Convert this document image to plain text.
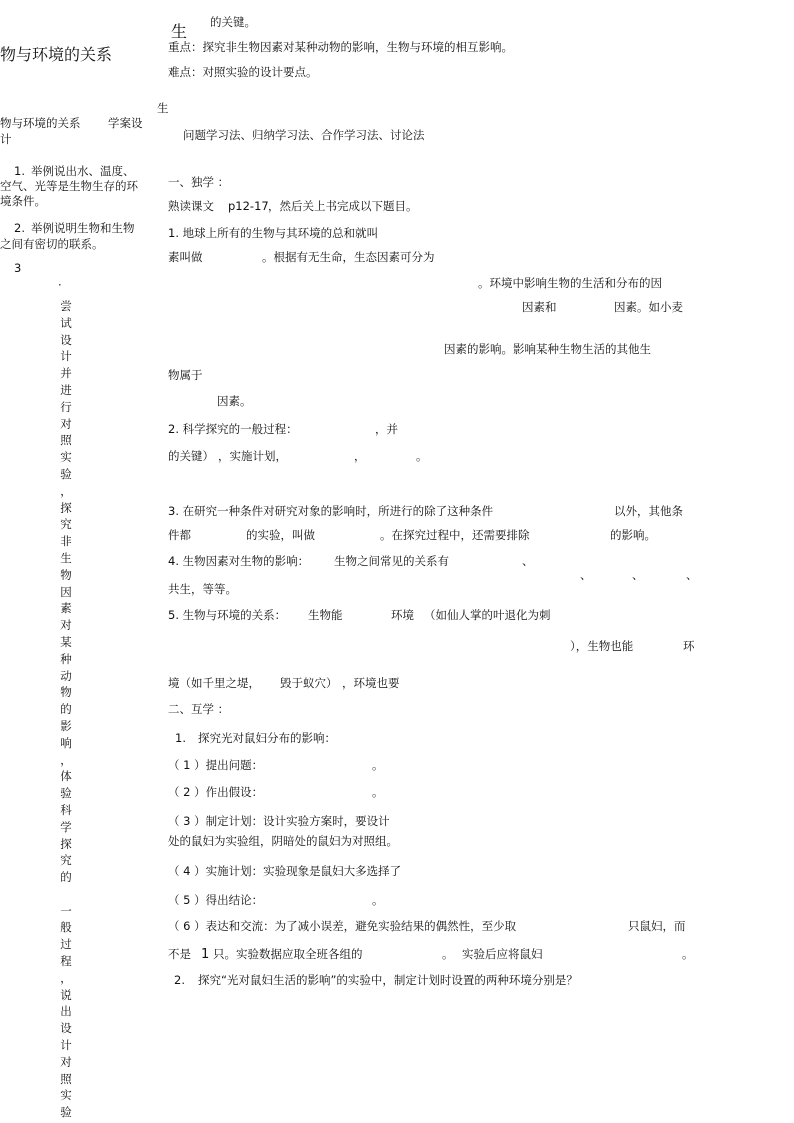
物与环境的关系
物与环境的关系 学案设
计
1. 举例说出水、温度、
空气、光等是生物生存的环
境条件。
2. 举例说明生物和生物
之间有密切的联系。
3
·
尝
试
设
计
并
进
行
对
照
实
验
，
探
究
非
生
物
因
素
对
某
种
动
物
的
影
响
，
体
验
科
学
探
究
的
一
般
过
程
，
说
出
设
计
对
照
实
验
生 的关键。
重点：探究非生物因素对某种动物的影响，生物与环境的相互影响。
难点：对照实验的设计要点。
生
问题学习法、归纳学习法、合作学习法、讨论法
一、独学 ：
熟读课文 p12-17 ，然后关上书完成以下题目。
1. 地球上所有的生物与其环境的总和就叫
素叫做	。根据有无生命，生态因素可分为
。环境中影响生物的生活和分布的因
因素和	因素。如小麦
因素的影响。影响某种生物生活的其他生
物属于
因素。
2. 科学探究的一般过程：	，并
的关键） ，实施计划，	，	。
3. 在研究一种条件对研究对象的影响时，所进行的除了这种条件	以外，其他条
件都	的实验，叫做	。在探究过程中，还需要排除	的影响。
4. 生物因素对生物的影响： 生物之间常见的关系有	、
、	、	、
共生，等等。
5. 生物与环境的关系： 生物能	环境 （如仙人掌的叶退化为刺
），生物也能	环
境（如千里之堤， 毁于蚁穴） ，环境也要
二、互学 ：
1. 探究光对鼠妇分布的影响：
（ 1 ）提出问题：	。
（ 2 ）作出假设：	。
（ 3 ）制定计划：设计实验方案时，要设计
处的鼠妇为实验组，阴暗处的鼠妇为对照组。
（ 4 ）实施计划：实验现象是鼠妇大多选择了
（ 5 ）得出结论：	。
（ 6 ）表达和交流：为了减小误差，避免实验结果的偶然性，至少取	只鼠妇，而
不是 1 只。实验数据应取全班各组的	。 实验后应将鼠妇	。
2. 探究“光对鼠妇生活的影响”的实验中，制定计划时设置的两种环境分别是？
